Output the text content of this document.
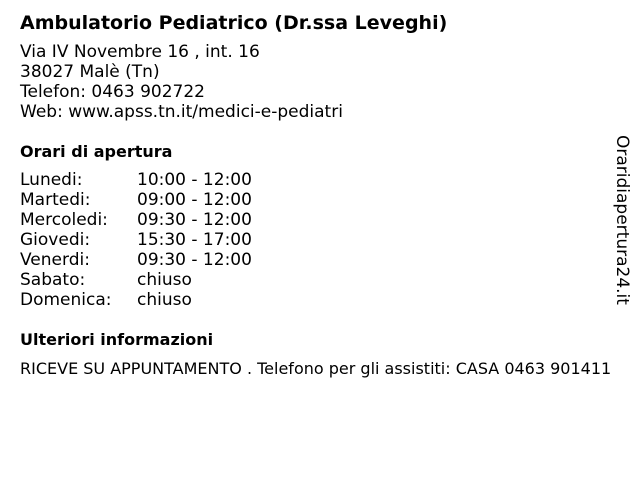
Ambulatorio Pediatrico (Dr.ssa Leveghi)
Via IV Novembre 16 , int. 16
38027 Malè (Tn)
Telefon: 0463 902722
Web: www.apss.tn.it/medici-e-pediatri
Orari di apertura
Lunedi:	10:00 - 12:00
Martedi:	09:00 - 12:00
Mercoledi: 09:30 - 12:00
Giovedi:	15:30 - 17:00
Venerdi:	09:30 - 12:00
Sabato:	chiuso
Domenica: chiuso
Ulteriori informazioni
RICEVE SU APPUNTAMENTO . Telefono per gli assistiti: CASA 0463 901411
Oraridiapertura24.it
